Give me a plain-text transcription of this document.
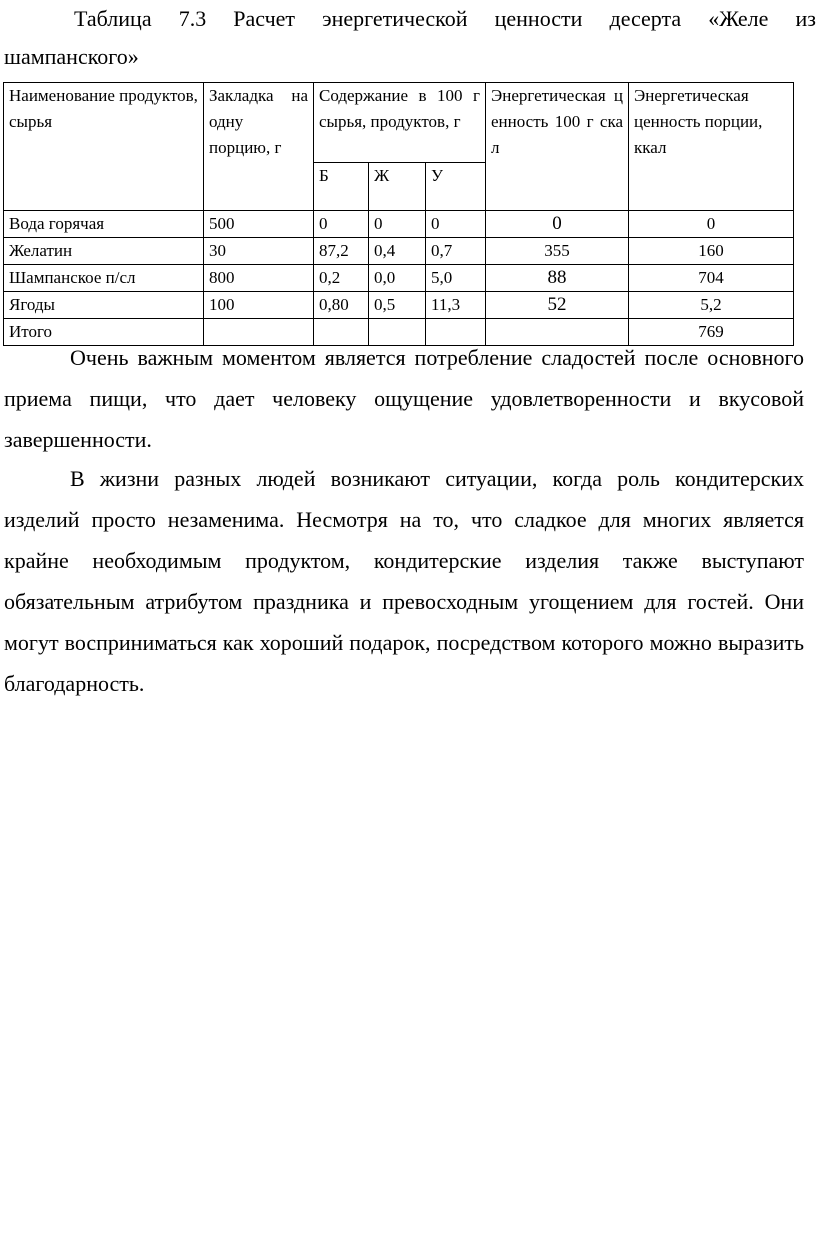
Таблица 7.3 Расчет энергетической ценности десерта «Желе из
шампанского»
Наименование продуктов, сырья	Закладка на одну порцию, г	Содержание в 100 г сырья, продуктов, г			Энергетическая ценность 100 г скал	Энергетическая ценность порции, ккал
		Б	Ж	У		
Вода горячая	500	0	0	0	0	0
Желатин	30	87,2	0,4	0,7	355	160
Шампанское п/сл	800	0,2	0,0	5,0	88	704
Ягоды	100	0,80	0,5	11,3	52	5,2
Итого						769

Очень важным моментом является потребление сладостей после основного приема пищи, что дает человеку ощущение удовлетворенности и вкусовой завершенности.

В жизни разных людей возникают ситуации, когда роль кондитерских изделий просто незаменима. Несмотря на то, что сладкое для многих является крайне необходимым продуктом, кондитерские изделия также выступают обязательным атрибутом праздника и превосходным угощением для гостей. Они могут восприниматься как хороший подарок, посредством которого можно выразить благодарность.
